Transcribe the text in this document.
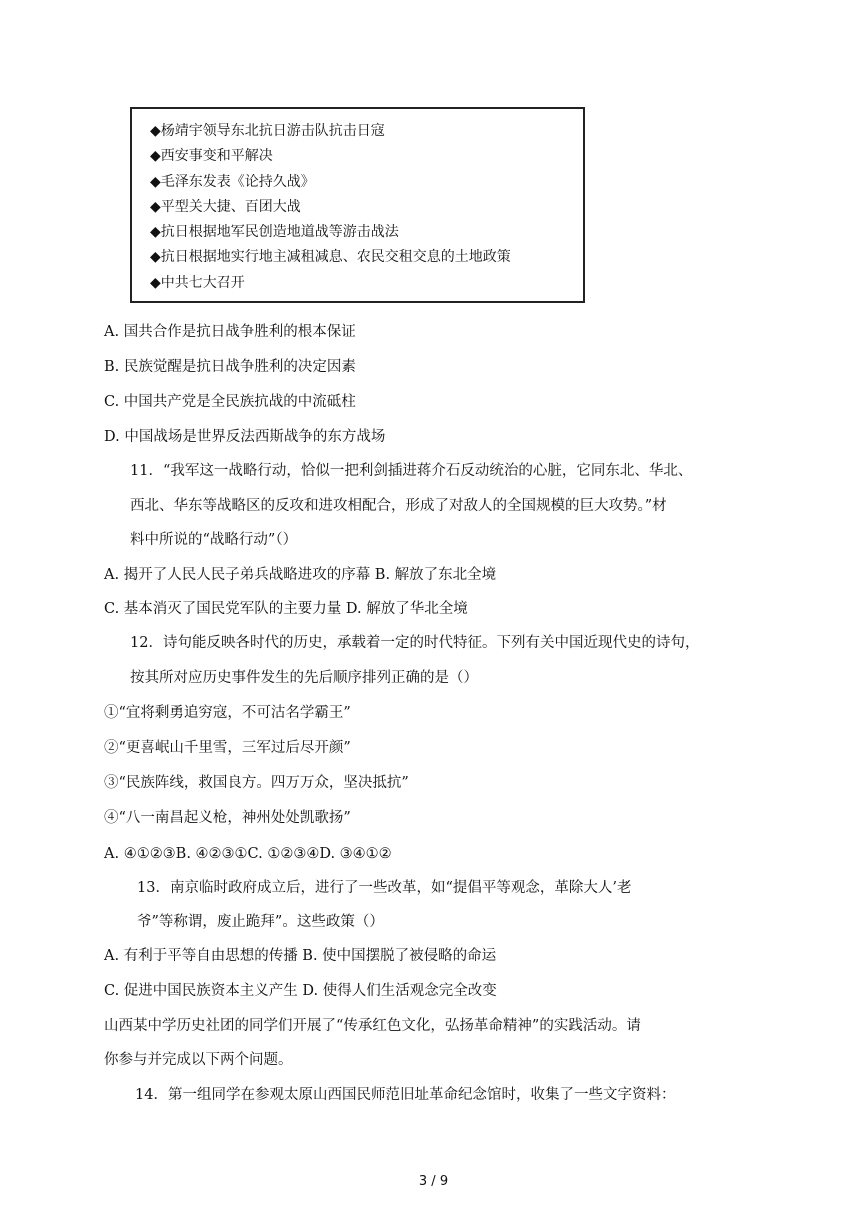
◆杨靖宇领导东北抗日游击队抗击日寇
◆西安事变和平解决
◆毛泽东发表《论持久战》
◆平型关大捷、百团大战
◆抗日根据地军民创造地道战等游击战法
◆抗日根据地实行地主减租减息、农民交租交息的土地政策
◆中共七大召开
A. 国共合作是抗日战争胜利的根本保证
B. 民族觉醒是抗日战争胜利的决定因素
C. 中国共产党是全民族抗战的中流砥柱
D. 中国战场是世界反法西斯战争的东方战场
11．“我军这一战略行动，恰似一把利剑插进蒋介石反动统治的心脏，它同东北、华北、
西北、华东等战略区的反攻和进攻相配合，形成了对敌人的全国规模的巨大攻势。”材
料中所说的“战略行动”（）
A. 揭开了人民人民子弟兵战略进攻的序幕 B. 解放了东北全境
C. 基本消灭了国民党军队的主要力量 D. 解放了华北全境
12．诗句能反映各时代的历史，承载着一定的时代特征。下列有关中国近现代史的诗句，
按其所对应历史事件发生的先后顺序排列正确的是（）
①“宜将剩勇追穷寇，不可沽名学霸王”
②“更喜岷山千里雪，三军过后尽开颜”
③“民族阵线，救国良方。四万万众，坚决抵抗”
④“八一南昌起义枪，神州处处凯歌扬”
A. ④①②③B. ④②③①C. ①②③④D. ③④①②
13．南京临时政府成立后，进行了一些改革，如“提倡平等观念，革除大人’老
爷”等称谓，废止跪拜”。这些政策（）
A. 有利于平等自由思想的传播 B. 使中国摆脱了被侵略的命运
C. 促进中国民族资本主义产生 D. 使得人们生活观念完全改变
山西某中学历史社团的同学们开展了“传承红色文化，弘扬革命精神”的实践活动。请
你参与并完成以下两个问题。
14．第一组同学在参观太原山西国民师范旧址革命纪念馆时，收集了一些文字资料：
3 / 9
